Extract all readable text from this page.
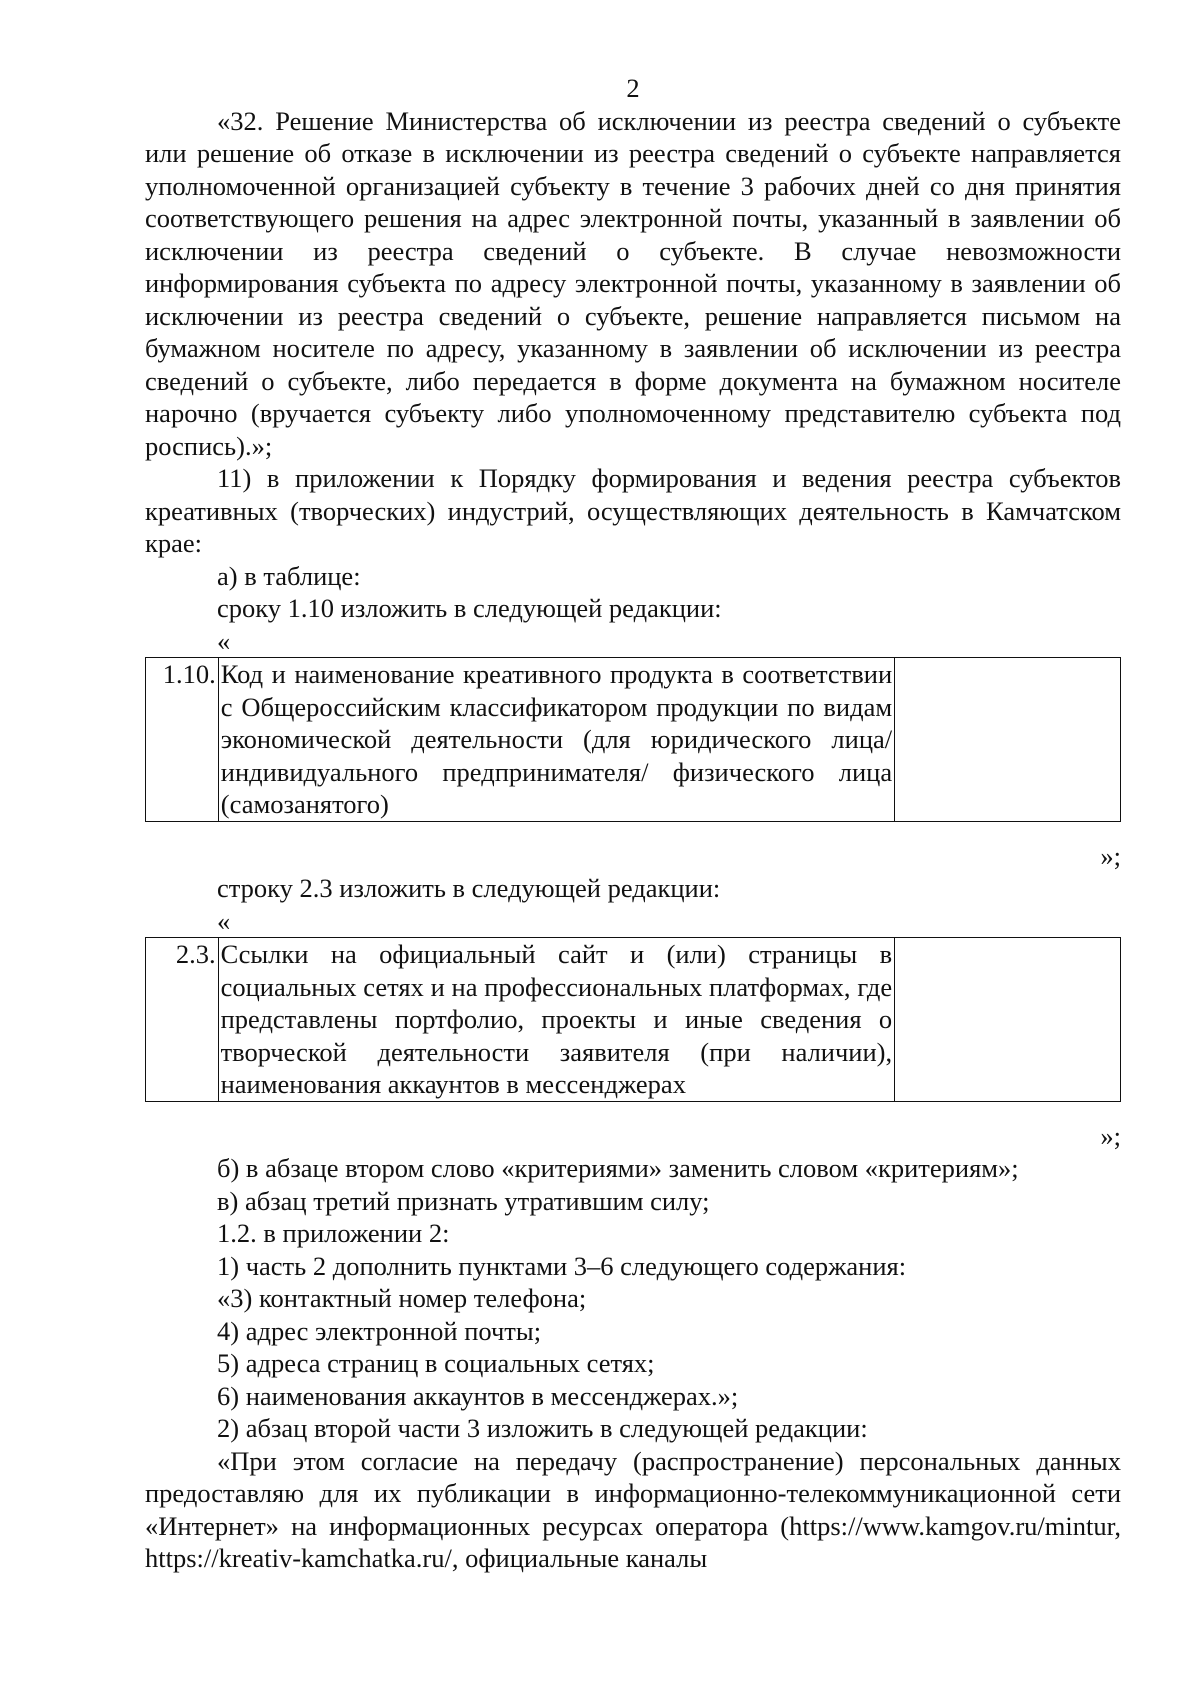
2

«32. Решение Министерства об исключении из реестра сведений о субъекте или решение об отказе в исключении из реестра сведений о субъекте направляется уполномоченной организацией субъекту в течение 3 рабочих дней со дня принятия соответствующего решения на адрес электронной почты, указанный в заявлении об исключении из реестра сведений о субъекте. В случае невозможности информирования субъекта по адресу электронной почты, указанному в заявлении об исключении из реестра сведений о субъекте, решение направляется письмом на бумажном носителе по адресу, указанному в заявлении об исключении из реестра сведений о субъекте, либо передается в форме документа на бумажном носителе нарочно (вручается субъекту либо уполномоченному представителю субъекта под роспись).»;

11) в приложении к Порядку формирования и ведения реестра субъектов креативных (творческих) индустрий, осуществляющих деятельность в Камчатском крае:

а) в таблице:

сроку 1.10 изложить в следующей редакции:

«

1.10.	Код и наименование креативного продукта в соответствии с Общероссийским классификатором продукции по видам экономической деятельности (для юридического лица/индивидуального предпринимателя/ физического лица (самозанятого)	

»;

строку 2.3 изложить в следующей редакции:

«

2.3.	Ссылки на официальный сайт и (или) страницы в социальных сетях и на профессиональных платформах, где представлены портфолио, проекты и иные сведения о творческой деятельности заявителя (при наличии), наименования аккаунтов в мессенджерах	

»;

б) в абзаце втором слово «критериями» заменить словом «критериям»;

в) абзац третий признать утратившим силу;

1.2. в приложении 2:

1) часть 2 дополнить пунктами 3–6 следующего содержания:

«3) контактный номер телефона;

4) адрес электронной почты;

5) адреса страниц в социальных сетях;

6) наименования аккаунтов в мессенджерах.»;

2) абзац второй части 3 изложить в следующей редакции:

«При этом согласие на передачу (распространение) персональных данных предоставляю для их публикации в информационно-телекоммуникационной сети «Интернет» на информационных ресурсах оператора (https://www.kamgov.ru/mintur, https://kreativ-kamchatka.ru/, официальные каналы
